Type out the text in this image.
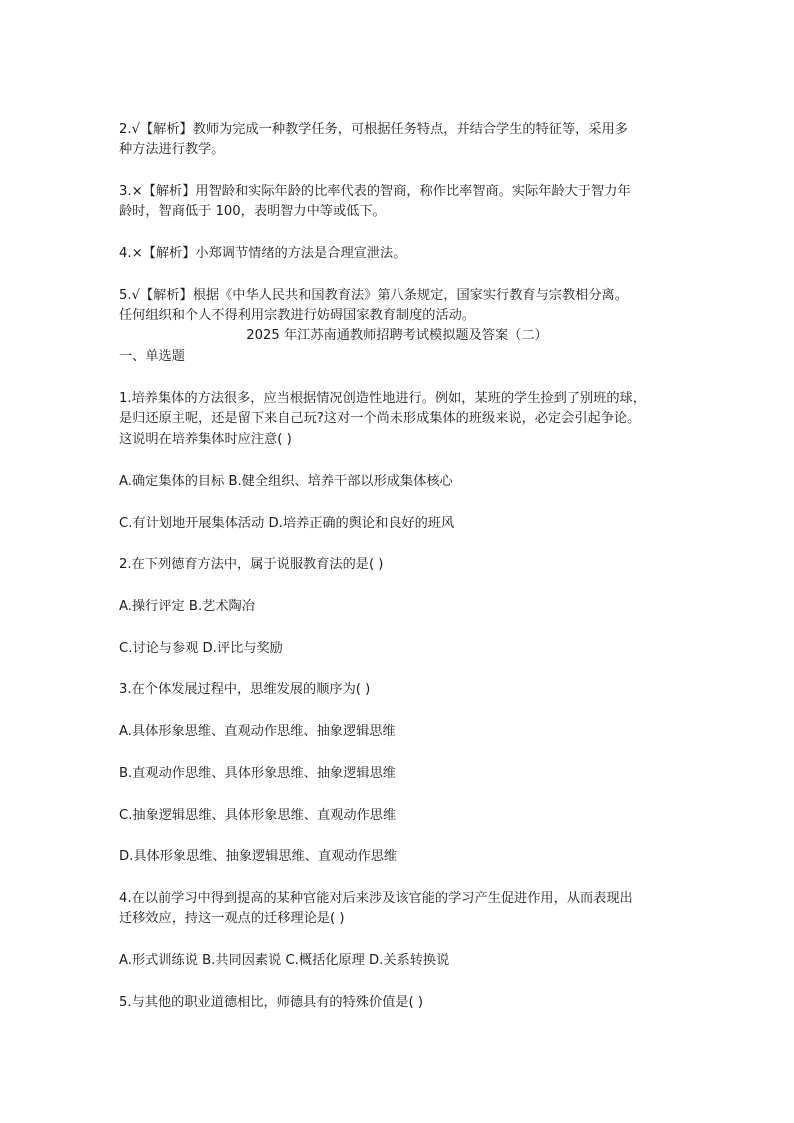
2.√【解析】教师为完成一种教学任务，可根据任务特点，并结合学生的特征等，采用多
种方法进行教学。
3.×【解析】用智龄和实际年龄的比率代表的智商，称作比率智商。实际年龄大于智力年
龄时，智商低于 100，表明智力中等或低下。
4.×【解析】小郑调节情绪的方法是合理宣泄法。
5.√【解析】根据《中华人民共和国教育法》第八条规定，国家实行教育与宗教相分离。
任何组织和个人不得利用宗教进行妨碍国家教育制度的活动。
2025 年江苏南通教师招聘考试模拟题及答案（二）
一、单选题
1.培养集体的方法很多，应当根据情况创造性地进行。例如，某班的学生捡到了别班的球，
是归还原主呢，还是留下来自己玩?这对一个尚未形成集体的班级来说，必定会引起争论。
这说明在培养集体时应注意( )
A.确定集体的目标 B.健全组织、培养干部以形成集体核心
C.有计划地开展集体活动 D.培养正确的舆论和良好的班风
2.在下列德育方法中，属于说服教育法的是( )
A.操行评定 B.艺术陶冶
C.讨论与参观 D.评比与奖励
3.在个体发展过程中，思维发展的顺序为( )
A.具体形象思维、直观动作思维、抽象逻辑思维
B.直观动作思维、具体形象思维、抽象逻辑思维
C.抽象逻辑思维、具体形象思维、直观动作思维
D.具体形象思维、抽象逻辑思维、直观动作思维
4.在以前学习中得到提高的某种官能对后来涉及该官能的学习产生促进作用，从而表现出
迁移效应，持这一观点的迁移理论是( )
A.形式训练说 B.共同因素说 C.概括化原理 D.关系转换说
5.与其他的职业道德相比，师德具有的特殊价值是( )
